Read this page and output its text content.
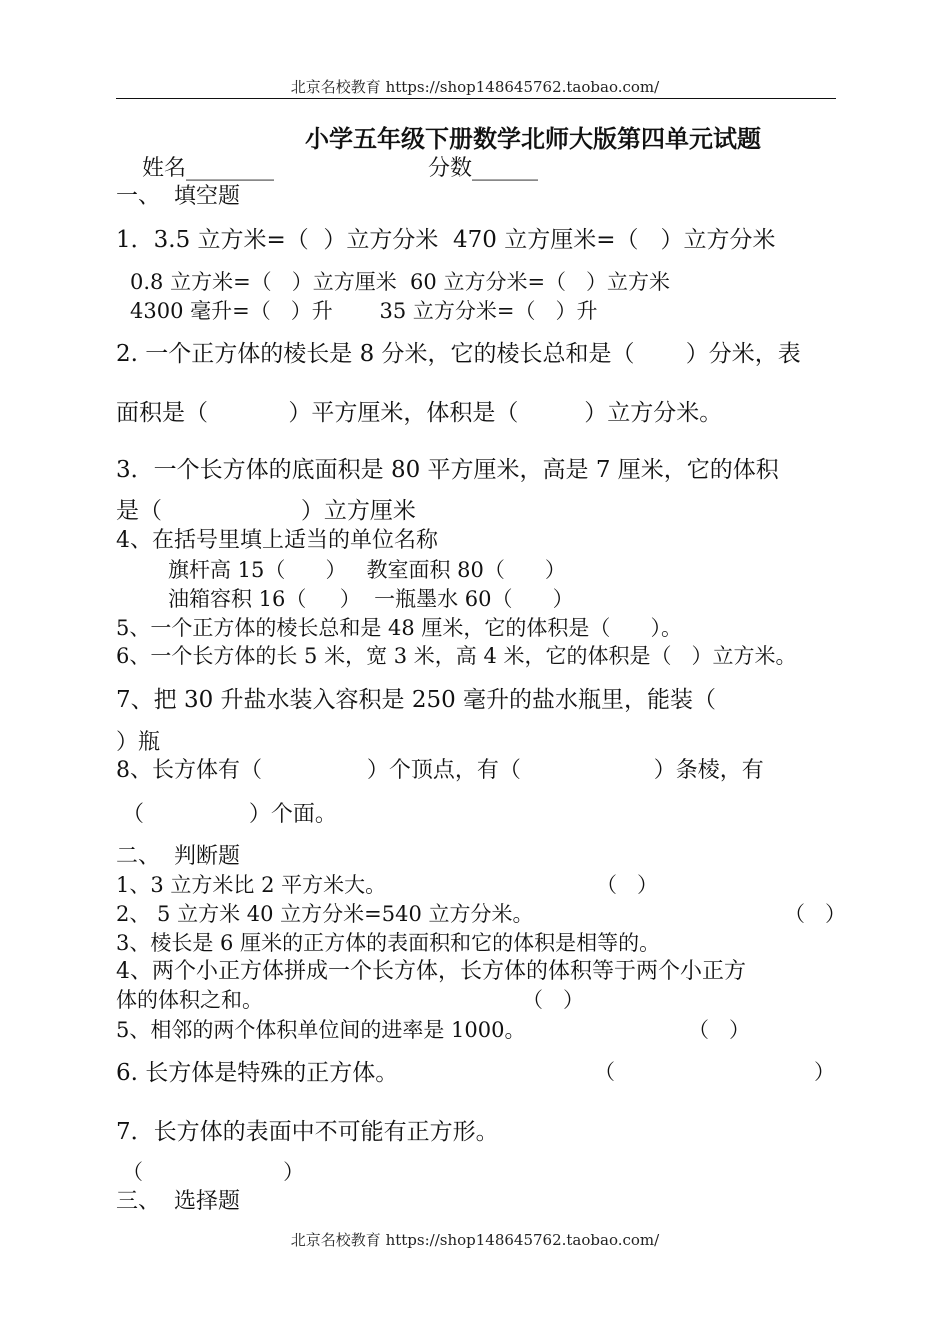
北京名校教育 https://shop148645762.taobao.com/
小学五年级下册数学北师大版第四单元试题
姓名________	分数______
一、  填空题
1．3.5 立方米=（  ）立方分米  470 立方厘米=（   ）立方分米
0.8 立方米=（   ）立方厘米  60 立方分米=（   ）立方米
4300 毫升=（   ）升       35 立方分米=（   ）升
2. 一个正方体的棱长是 8 分米，它的棱长总和是（       ）分米，表
面积是（           ）平方厘米，体积是（         ）立方分米。
3．一个长方体的底面积是 80 平方厘米，高是 7 厘米，它的体积
是（                   ）立方厘米
4、在括号里填上适当的单位名称
旗杆高 15（      ）   教室面积 80（      ）
油箱容积 16（     ）  一瓶墨水 60（      ）
5、一个正方体的棱长总和是 48 厘米，它的体积是（      ）。
6、一个长方体的长 5 米，宽 3 米，高 4 米，它的体积是（   ）立方米。
7、把 30 升盐水装入容积是 250 毫升的盐水瓶里，能装（
）瓶
8、长方体有（               ）个顶点，有（                   ）条棱，有
（               ）个面。
二、  判断题
1、3 立方米比 2 平方米大。	（   ）
2、 5 立方米 40 立方分米=540 立方分米。	（   ）
3、棱长是 6 厘米的正方体的表面积和它的体积是相等的。
4、两个小正方体拼成一个长方体，长方体的体积等于两个小正方
体的体积之和。	（   ）
5、相邻的两个体积单位间的进率是 1000。	（   ）
6. 长方体是特殊的正方体。	（	）
7．长方体的表面中不可能有正方形。
（                     ）
三、  选择题
北京名校教育 https://shop148645762.taobao.com/
